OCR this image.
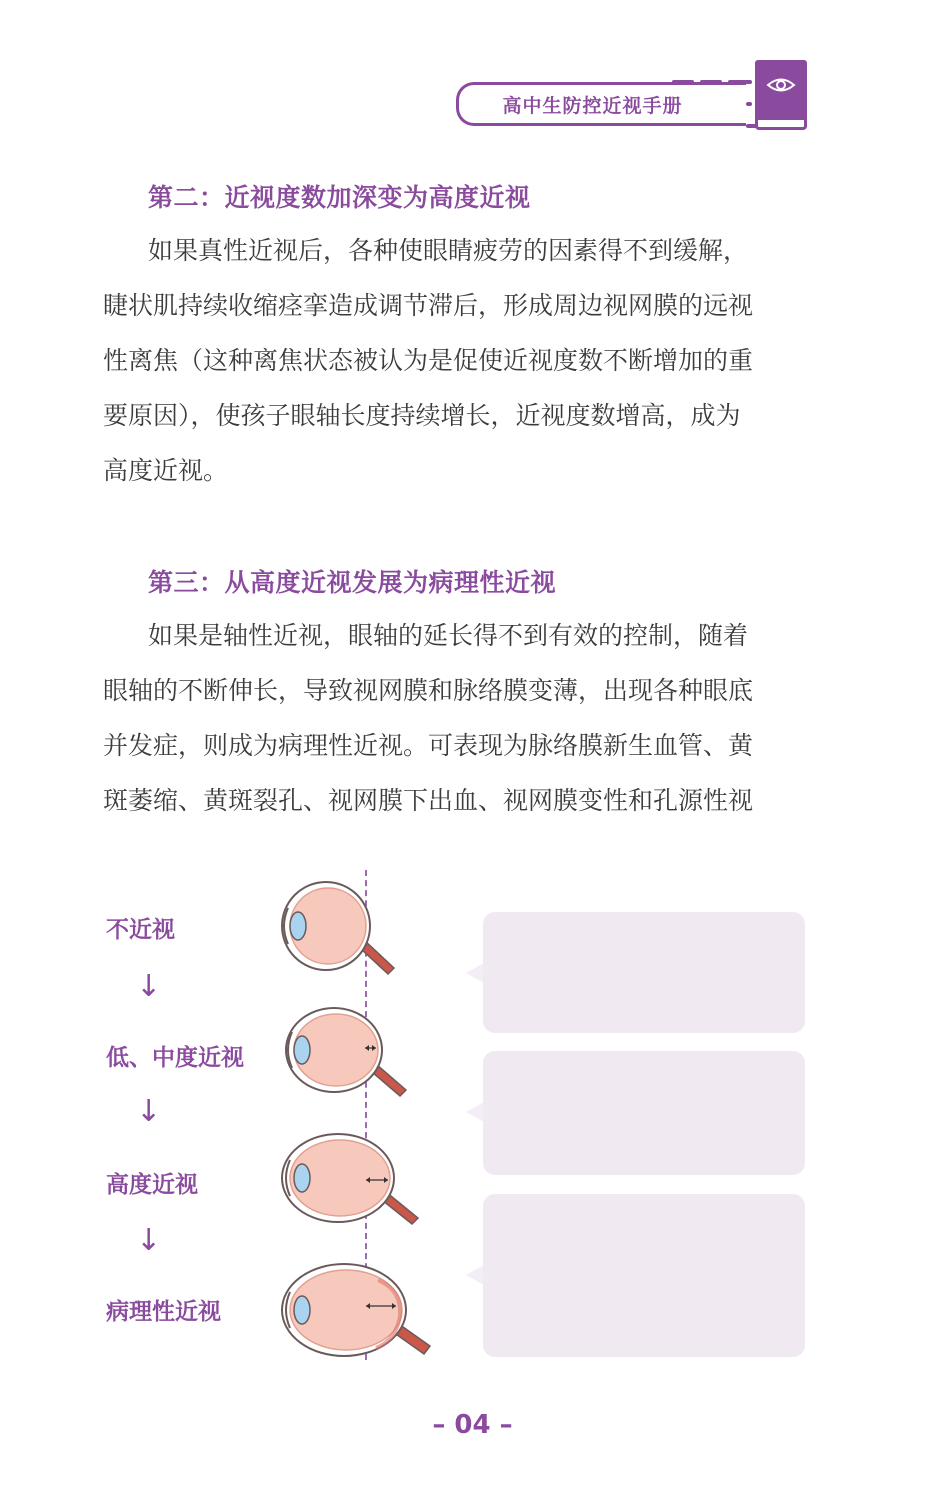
高中生防控近视手册
第二：近视度数加深变为高度近视
如果真性近视后，各种使眼睛疲劳的因素得不到缓解，
睫状肌持续收缩痉挛造成调节滞后，形成周边视网膜的远视
性离焦（这种离焦状态被认为是促使近视度数不断增加的重
要原因），使孩子眼轴长度持续增长，近视度数增高，成为
高度近视。
第三：从高度近视发展为病理性近视
如果是轴性近视，眼轴的延长得不到有效的控制，随着
眼轴的不断伸长，导致视网膜和脉络膜变薄，出现各种眼底
并发症，则成为病理性近视。可表现为脉络膜新生血管、黄
斑萎缩、黄斑裂孔、视网膜下出血、视网膜变性和孔源性视
不近视
↓
低、中度近视
↓
高度近视
↓
病理性近视
– 04 –
